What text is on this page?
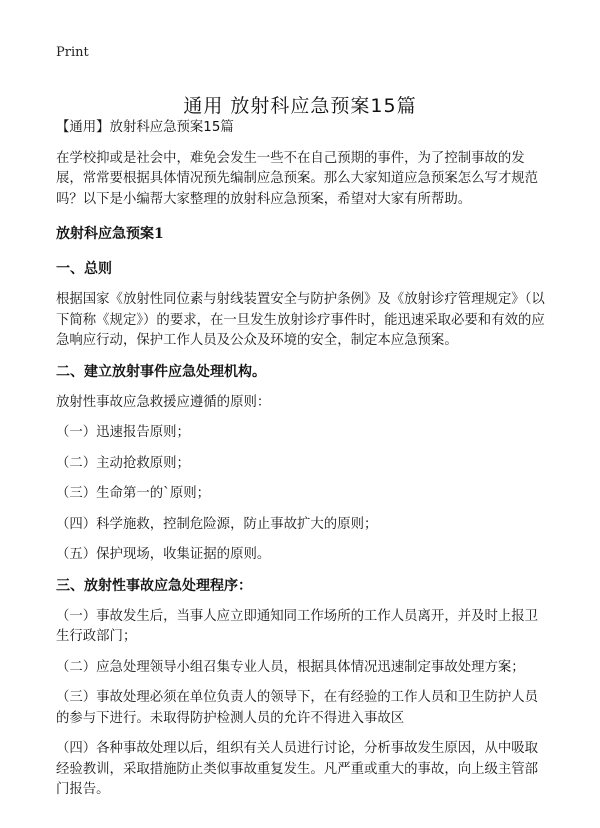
Print
通用 放射科应急预案15篇
【通用】放射科应急预案15篇
在学校抑或是社会中，难免会发生一些不在自己预期的事件，为了控制事故的发展，常常要根据具体情况预先编制应急预案。那么大家知道应急预案怎么写才规范吗？以下是小编帮大家整理的放射科应急预案，希望对大家有所帮助。
放射科应急预案1
一、总则
根据国家《放射性同位素与射线装置安全与防护条例》及《放射诊疗管理规定》（以下简称《规定》）的要求，在一旦发生放射诊疗事件时，能迅速采取必要和有效的应急响应行动，保护工作人员及公众及环境的安全，制定本应急预案。
二、建立放射事件应急处理机构。
放射性事故应急救援应遵循的原则：
（一）迅速报告原则；
（二）主动抢救原则；
（三）生命第一的`原则；
（四）科学施救，控制危险源，防止事故扩大的原则；
（五）保护现场，收集证据的原则。
三、放射性事故应急处理程序：
（一）事故发生后，当事人应立即通知同工作场所的工作人员离开，并及时上报卫生行政部门；
（二）应急处理领导小组召集专业人员，根据具体情况迅速制定事故处理方案；
（三）事故处理必须在单位负责人的领导下，在有经验的工作人员和卫生防护人员的参与下进行。未取得防护检测人员的允许不得进入事故区
（四）各种事故处理以后，组织有关人员进行讨论，分析事故发生原因，从中吸取经验教训，采取措施防止类似事故重复发生。凡严重或重大的事故，向上级主管部门报告。
